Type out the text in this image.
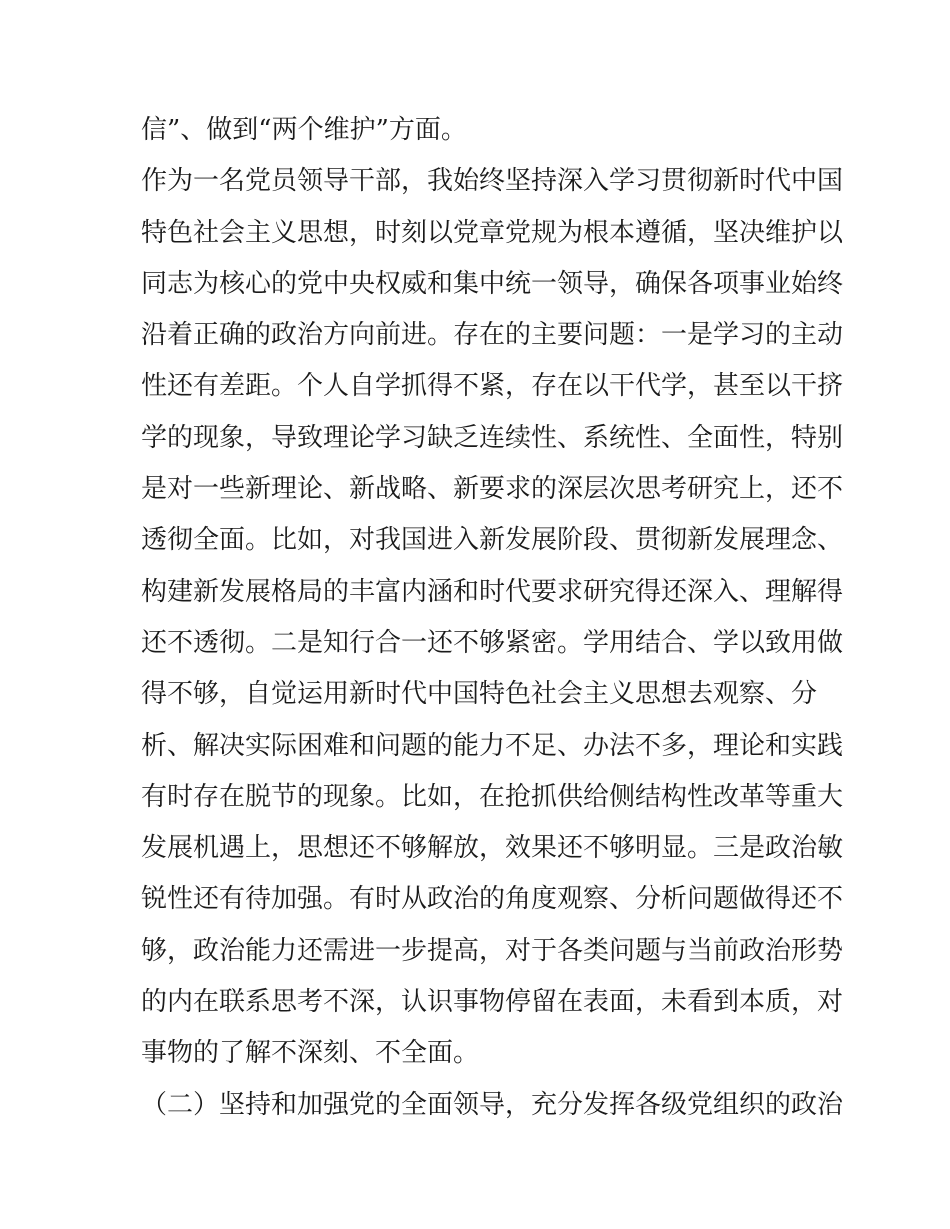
信”、做到“两个维护”方面。
作为一名党员领导干部，我始终坚持深入学习贯彻新时代中国
特色社会主义思想，时刻以党章党规为根本遵循，坚决维护以
同志为核心的党中央权威和集中统一领导，确保各项事业始终
沿着正确的政治方向前进。存在的主要问题：一是学习的主动
性还有差距。个人自学抓得不紧，存在以干代学，甚至以干挤
学的现象，导致理论学习缺乏连续性、系统性、全面性，特别
是对一些新理论、新战略、新要求的深层次思考研究上，还不
透彻全面。比如，对我国进入新发展阶段、贯彻新发展理念、
构建新发展格局的丰富内涵和时代要求研究得还深入、理解得
还不透彻。二是知行合一还不够紧密。学用结合、学以致用做
得不够，自觉运用新时代中国特色社会主义思想去观察、分
析、解决实际困难和问题的能力不足、办法不多，理论和实践
有时存在脱节的现象。比如，在抢抓供给侧结构性改革等重大
发展机遇上，思想还不够解放，效果还不够明显。三是政治敏
锐性还有待加强。有时从政治的角度观察、分析问题做得还不
够，政治能力还需进一步提高，对于各类问题与当前政治形势
的内在联系思考不深，认识事物停留在表面，未看到本质，对
事物的了解不深刻、不全面。
（二）坚持和加强党的全面领导，充分发挥各级党组织的政治
